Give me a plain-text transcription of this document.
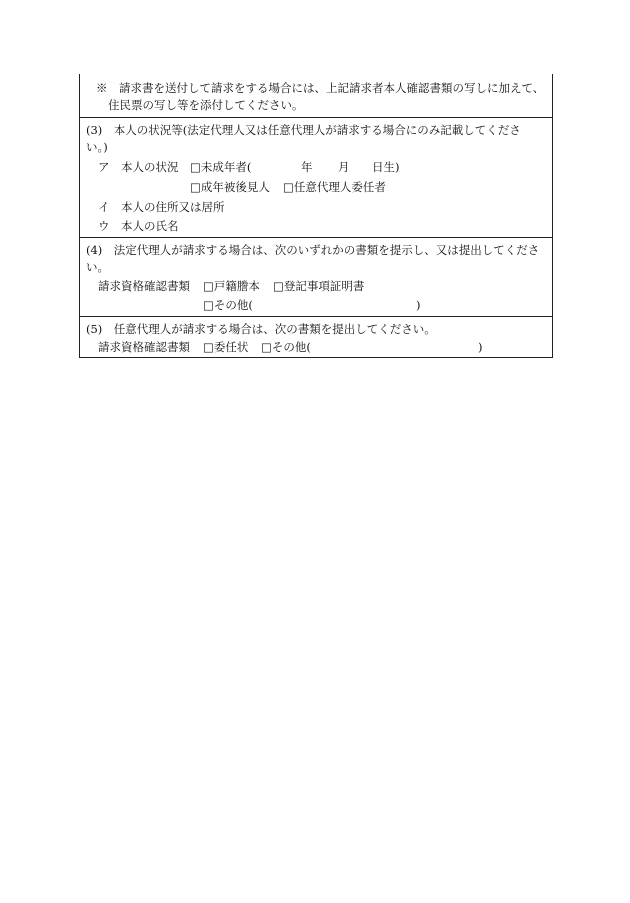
※　請求書を送付して請求をする場合には、上記請求者本人確認書類の写しに加えて、
住民票の写し等を添付してください。
(3)　本人の状況等(法定代理人又は任意代理人が請求する場合にのみ記載してくださ
い。)
ア　本人の状況 □未成年者(	年 月 日生)
□成年被後見人 □任意代理人委任者
イ　本人の住所又は居所
ウ　本人の氏名
(4)　法定代理人が請求する場合は、次のいずれかの書類を提示し、又は提出してくださ
い。
請求資格確認書類 □戸籍謄本 □登記事項証明書
□その他(	)
(5)　任意代理人が請求する場合は、次の書類を提出してください。
請求資格確認書類 □委任状 □その他(	)
